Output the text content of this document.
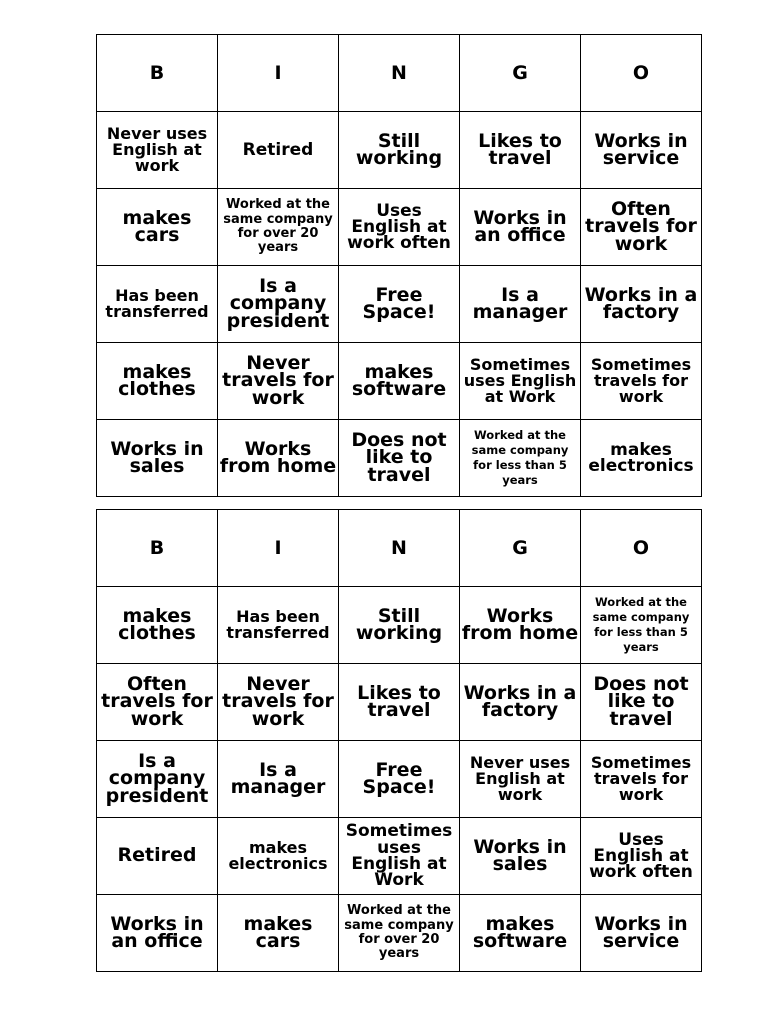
B	I	N	G	O
Never uses English at work	Retired	Still working	Likes to travel	Works in service
makes cars	Worked at the same company for over 20 years	Uses English at work often	Works in an office	Often travels for work
Has been transferred	Is a company president	Free Space!	Is a manager	Works in a factory
makes clothes	Never travels for work	makes software	Sometimes uses English at Work	Sometimes travels for work
Works in sales	Works from home	Does not like to travel	Worked at the same company for less than 5 years	makes electronics
B	I	N	G	O
makes clothes	Has been transferred	Still working	Works from home	Worked at the same company for less than 5 years
Often travels for work	Never travels for work	Likes to travel	Works in a factory	Does not like to travel
Is a company president	Is a manager	Free Space!	Never uses English at work	Sometimes travels for work
Retired	makes electronics	Sometimes uses English at Work	Works in sales	Uses English at work often
Works in an office	makes cars	Worked at the same company for over 20 years	makes software	Works in service
